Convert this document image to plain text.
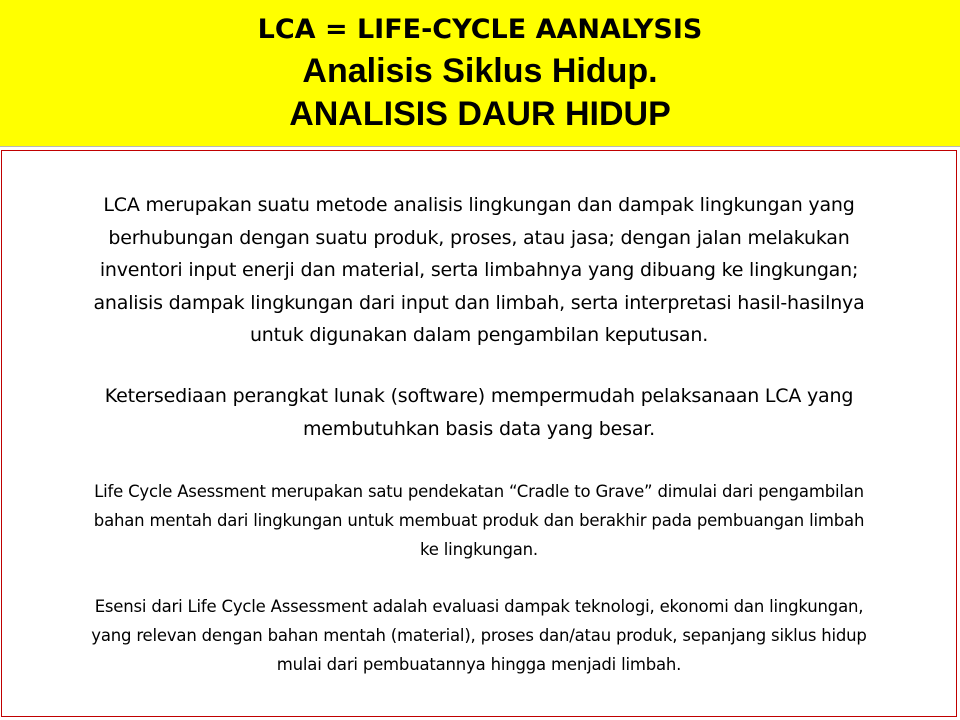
LCA = LIFE-CYCLE AANALYSIS
Analisis Siklus Hidup.
ANALISIS DAUR HIDUP
LCA merupakan suatu metode analisis lingkungan dan dampak lingkungan yang
berhubungan dengan suatu produk, proses, atau jasa; dengan jalan melakukan
inventori input enerji dan material, serta limbahnya yang dibuang ke lingkungan;
analisis dampak lingkungan dari input dan limbah, serta interpretasi hasil-hasilnya
untuk digunakan dalam pengambilan keputusan.
Ketersediaan perangkat lunak (software) mempermudah pelaksanaan LCA yang
membutuhkan basis data yang besar.
Life Cycle Asessment merupakan satu pendekatan “Cradle to Grave” dimulai dari pengambilan
bahan mentah dari lingkungan untuk membuat produk dan berakhir pada pembuangan limbah
ke lingkungan.
Esensi dari Life Cycle Assessment adalah evaluasi dampak teknologi, ekonomi dan lingkungan,
yang relevan dengan bahan mentah (material), proses dan/atau produk, sepanjang siklus hidup
mulai dari pembuatannya hingga menjadi limbah.
